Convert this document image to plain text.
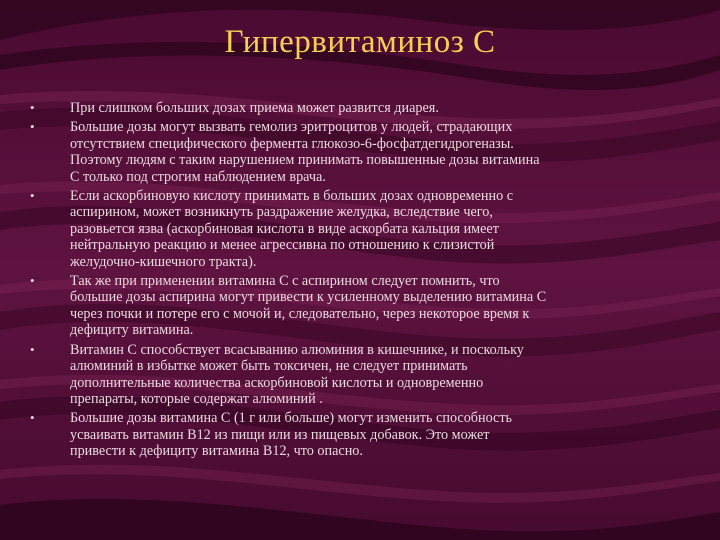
Гипервитаминоз С
• При слишком больших дозах приема может развится диарея.
• Большие дозы могут вызвать гемолиз эритроцитов у людей, страдающих
отсутствием специфического фермента глюкозо-6-фосфатдегидрогеназы.
Поэтому людям с таким нарушением принимать повышенные дозы витамина
С только под строгим наблюдением врача.
• Если аскорбиновую кислоту принимать в больших дозах одновременно с
аспирином, может возникнуть раздражение желудка, вследствие чего,
разовьется язва (аскорбиновая кислота в виде аскорбата кальция имеет
нейтральную реакцию и менее агрессивна по отношению к слизистой
желудочно-кишечного тракта).
• Так же при применении витамина С с аспирином следует помнить, что
большие дозы аспирина могут привести к усиленному выделению витамина С
через почки и потере его с мочой и, следовательно, через некоторое время к
дефициту витамина.
• Витамин С способствует всасыванию алюминия в кишечнике, и поскольку
алюминий в избытке может быть токсичен, не следует принимать
дополнительные количества аскорбиновой кислоты и одновременно
препараты, которые содержат алюминий .
• Большие дозы витамина С (1 г или больше) могут изменить способность
усваивать витамин В12 из пищи или из пищевых добавок. Это может
привести к дефициту витамина В12, что опасно.
